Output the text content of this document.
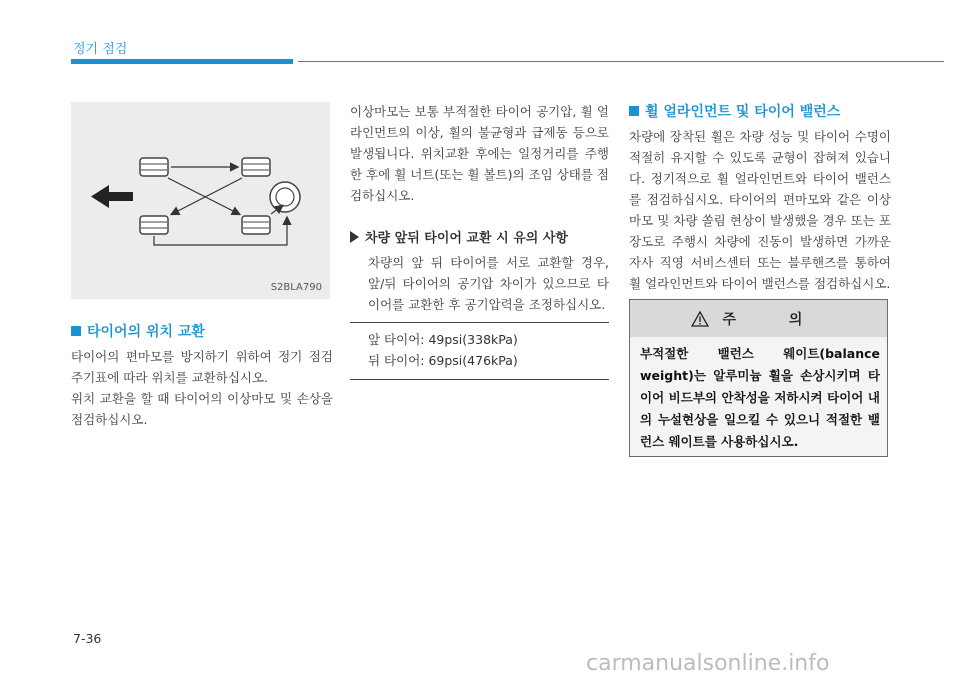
정기 점검
S2BLA790
타이어의 위치 교환
타이어의 편마모를 방지하기 위하여 정기 점검 주기표에 따라 위치를 교환하십시오.
위치 교환을 할 때 타이어의 이상마모 및 손상을 점검하십시오.
이상마모는 보통 부적절한 타이어 공기압, 휠 얼라인먼트의 이상, 휠의 불균형과 급제동 등으로 발생됩니다. 위치교환 후에는 일정거리를 주행한 후에 휠 너트(또는 휠 볼트)의 조임 상태를 점검하십시오.
차량 앞뒤 타이어 교환 시 유의 사항
차량의 앞 뒤 타이어를 서로 교환할 경우, 앞/뒤 타이어의 공기압 차이가 있으므로 타이어를 교환한 후 공기압력을 조정하십시오.
앞 타이어: 49psi(338kPa)
뒤 타이어: 69psi(476kPa)
휠 얼라인먼트 및 타이어 밸런스
차량에 장착된 휠은 차량 성능 및 타이어 수명이 적절히 유지할 수 있도록 균형이 잡혀져 있습니다. 정기적으로 휠 얼라인먼트와 타이어 밸런스를 점검하십시오. 타이어의 편마모와 같은 이상 마모 및 차량 쏠림 현상이 발생했을 경우 또는 포장도로 주행시 차량에 진동이 발생하면 가까운 자사 직영 서비스센터 또는 블루핸즈를 통하여 휠 얼라인먼트와 타이어 밸런스를 점검하십시오.
주 의
부적절한 밸런스 웨이트(balance weight)는 알루미늄 휠을 손상시키며 타이어 비드부의 안착성을 저하시켜 타이어 내의 누설현상을 일으킬 수 있으니 적절한 밸런스 웨이트를 사용하십시오.
7-36
carmanualsonline.info
